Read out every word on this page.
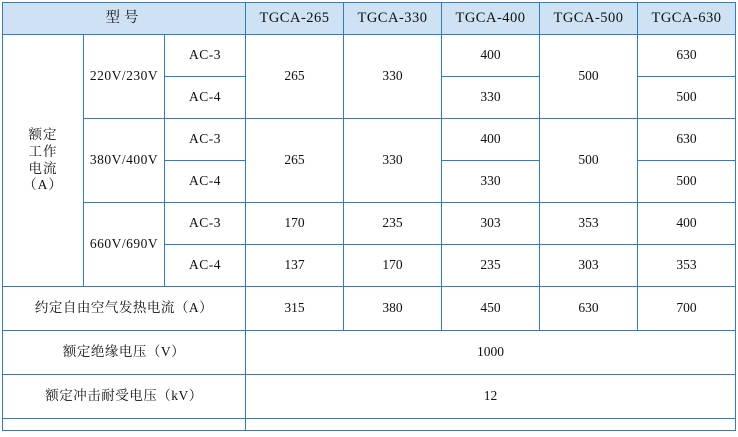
型号			TGCA-265	TGCA-330	TGCA-400	TGCA-500	TGCA-630

额定
工作
电流
（A）	220V/230V	AC-3	265	330	400	500	630
		AC-4			330		500
	380V/400V	AC-3	265	330	400	500	630
		AC-4			330		500
	660V/690V	AC-3	170	235	303	353	400
		AC-4	137	170	235	303	353
约定自由空气发热电流（A）			315	380	450	630	700
额定绝缘电压（V）			1000				
额定冲击耐受电压（kV）			12				
